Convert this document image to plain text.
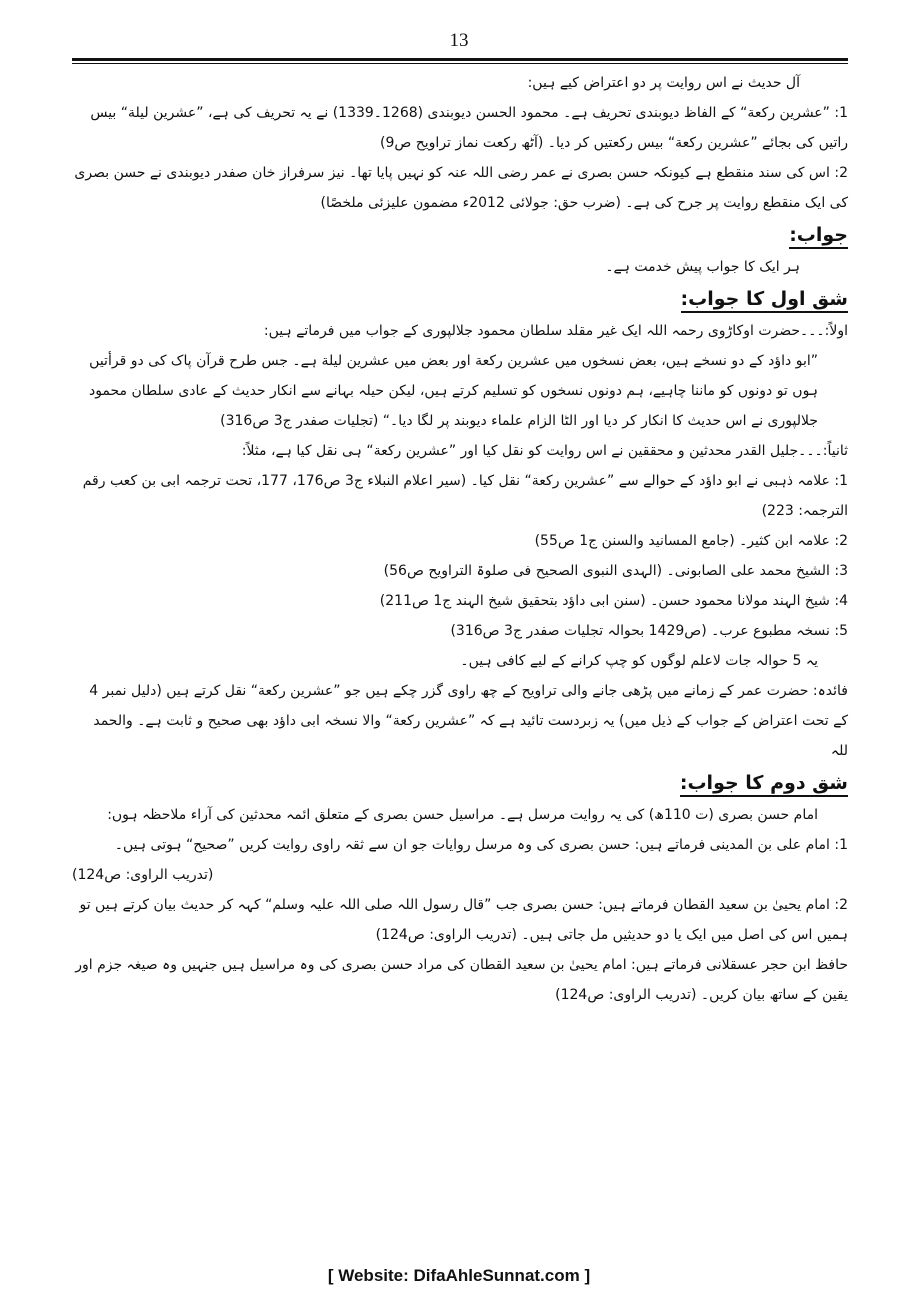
13

آل حدیث نے اس روایت پر دو اعتراض کیے ہیں:

1: ”عشرین رکعة“ کے الفاظ دیوبندی تحریف ہے۔ محمود الحسن دیوبندی (1268۔1339) نے یہ تحریف کی ہے، ”عشرین لیلة“ بیس راتیں کی بجائے ”عشرین رکعة“ بیس رکعتیں کر دیا۔ (آٹھ رکعت نماز تراویح ص9)

2: اس کی سند منقطع ہے کیونکہ حسن بصری نے عمر رضی اللہ عنہ کو نہیں پایا تھا۔ نیز سرفراز خان صفدر دیوبندی نے حسن بصری کی ایک منقطع روایت پر جرح کی ہے۔ (ضرب حق: جولائی 2012ء مضمون علیزئی ملخصًا)

جواب:

ہر ایک کا جواب پیش خدمت ہے۔

شق اول کا جواب:

اولاً:۔۔۔حضرت اوکاڑوی رحمہ اللہ ایک غیر مقلد سلطان محمود جلالپوری کے جواب میں فرماتے ہیں:

”ابو داؤد کے دو نسخے ہیں، بعض نسخوں میں عشرین رکعة اور بعض میں عشرین لیلة ہے۔ جس طرح قرآن پاک کی دو قرأتیں ہوں تو دونوں کو ماننا چاہیے، ہم دونوں نسخوں کو تسلیم کرتے ہیں، لیکن حیلہ بہانے سے انکار حدیث کے عادی سلطان محمود جلالپوری نے اس حدیث کا انکار کر دیا اور الٹا الزام علماء دیوبند پر لگا دیا۔“ (تجلیات صفدر ج3 ص316)

ثانیاً:۔۔۔جلیل القدر محدثین و محققین نے اس روایت کو نقل کیا اور ”عشرین رکعة“ ہی نقل کیا ہے، مثلاً:

1: علامہ ذہبی نے ابو داؤد کے حوالے سے ”عشرین رکعة“ نقل کیا۔ (سیر اعلام النبلاء ج3 ص176، 177، تحت ترجمہ ابی بن کعب رقم الترجمہ: 223)

2: علامہ ابن کثیر۔ (جامع المسانید والسنن ج1 ص55)

3: الشیخ محمد علی الصابونی۔ (الہدی النبوی الصحیح فی صلوۃ التراویح ص56)

4: شیخ الہند مولانا محمود حسن۔ (سنن ابی داؤد بتحقیق شیخ الہند ج1 ص211)

5: نسخہ مطبوع عرب۔ (ص1429 بحوالہ تجلیات صفدر ج3 ص316)

یہ 5 حوالہ جات لاعلم لوگوں کو چپ کرانے کے لیے کافی ہیں۔

فائدہ: حضرت عمر کے زمانے میں پڑھی جانے والی تراویح کے چھ راوی گزر چکے ہیں جو ”عشرین رکعة“ نقل کرتے ہیں (دلیل نمبر 4 کے تحت اعتراض کے جواب کے ذیل میں) یہ زبردست تائید ہے کہ ”عشرین رکعة“ والا نسخہ ابی داؤد بھی صحیح و ثابت ہے۔ والحمد للہ

شق دوم کا جواب:

امام حسن بصری (ت 110ھ) کی یہ روایت مرسل ہے۔ مراسیل حسن بصری کے متعلق ائمہ محدثین کی آراء ملاحظہ ہوں:

1: امام علی بن المدینی فرماتے ہیں: حسن بصری کی وہ مرسل روایات جو ان سے ثقہ راوی روایت کریں ”صحیح“ ہوتی ہیں۔

(تدریب الراوی: ص124)

2: امام یحییٰ بن سعید القطان فرماتے ہیں: حسن بصری جب ”قال رسول اللہ صلی اللہ علیہ وسلم“ کہہ کر حدیث بیان کرتے ہیں تو ہمیں اس کی اصل میں ایک یا دو حدیثیں مل جاتی ہیں۔ (تدریب الراوی: ص124)

حافظ ابن حجر عسقلانی فرماتے ہیں: امام یحییٰ بن سعید القطان کی مراد حسن بصری کی وہ مراسیل ہیں جنہیں وہ صیغہ جزم اور یقین کے ساتھ بیان کریں۔ (تدریب الراوی: ص124)

[ Website: DifaAhleSunnat.com ]
